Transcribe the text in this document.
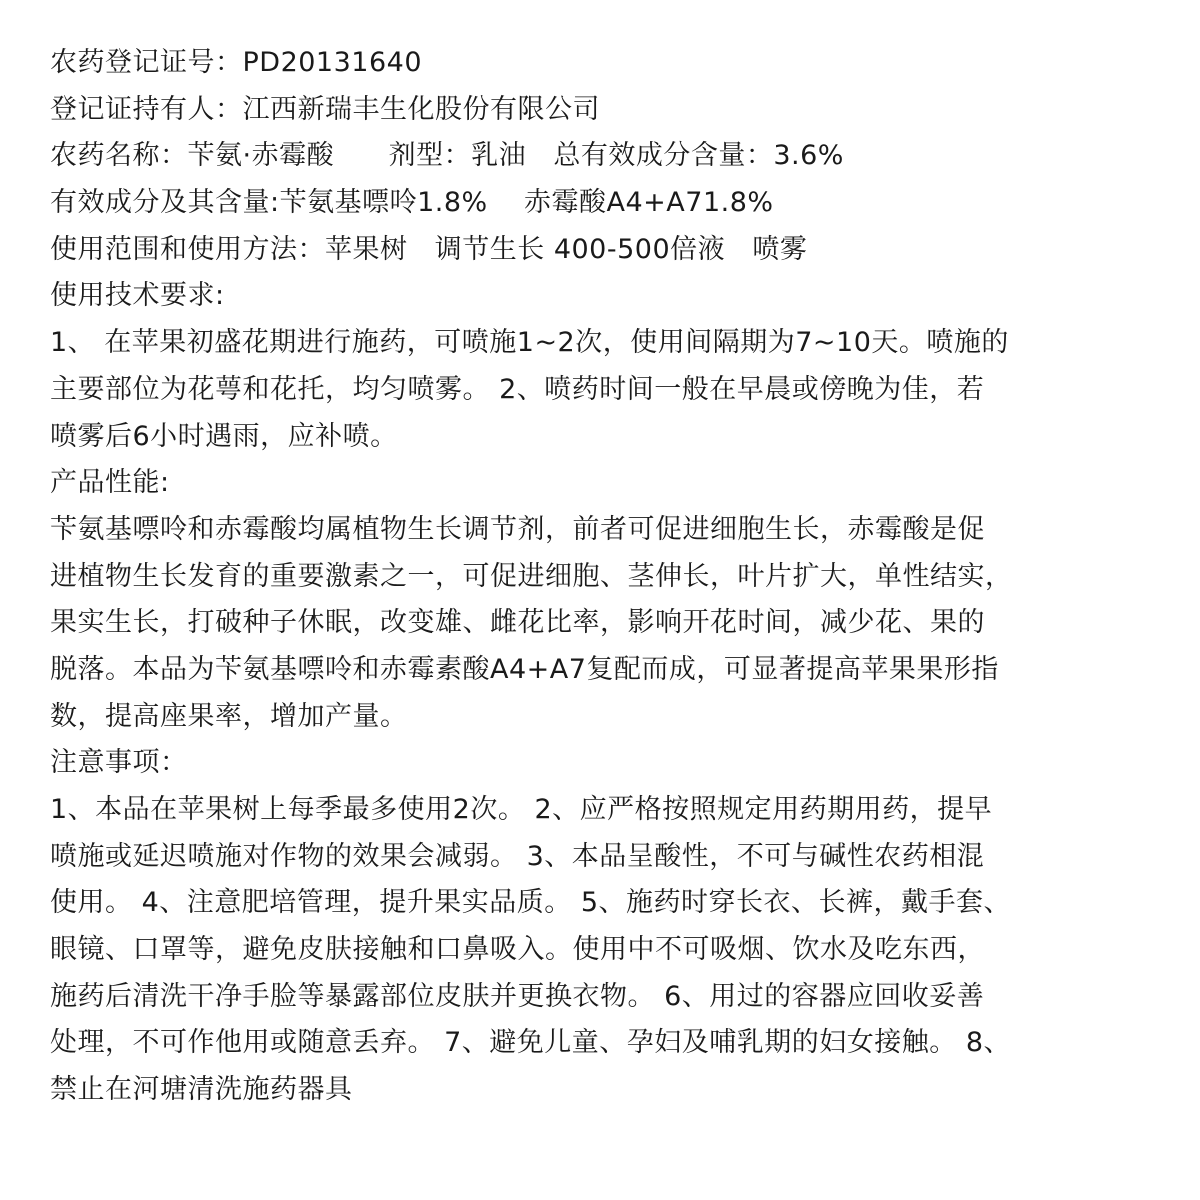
农药登记证号：PD20131640
登记证持有人：江西新瑞丰生化股份有限公司
农药名称：苄氨·赤霉酸      剂型：乳油   总有效成分含量：3.6%
有效成分及其含量:苄氨基嘌呤1.8%    赤霉酸A4+A71.8%
使用范围和使用方法：苹果树   调节生长 400-500倍液   喷雾
使用技术要求:
1、 在苹果初盛花期进行施药，可喷施1~2次，使用间隔期为7~10天。喷施的
主要部位为花萼和花托，均匀喷雾。 2、喷药时间一般在早晨或傍晚为佳，若
喷雾后6小时遇雨，应补喷。
产品性能:
苄氨基嘌呤和赤霉酸均属植物生长调节剂，前者可促进细胞生长，赤霉酸是促
进植物生长发育的重要激素之一，可促进细胞、茎伸长，叶片扩大，单性结实，
果实生长，打破种子休眠，改变雄、雌花比率，影响开花时间，减少花、果的
脱落。本品为苄氨基嘌呤和赤霉素酸A4+A7复配而成，可显著提高苹果果形指
数，提高座果率，增加产量。
注意事项：
1、本品在苹果树上每季最多使用2次。 2、应严格按照规定用药期用药，提早
喷施或延迟喷施对作物的效果会减弱。 3、本品呈酸性，不可与碱性农药相混
使用。 4、注意肥培管理，提升果实品质。 5、施药时穿长衣、长裤，戴手套、
眼镜、口罩等，避免皮肤接触和口鼻吸入。使用中不可吸烟、饮水及吃东西，
施药后清洗干净手脸等暴露部位皮肤并更换衣物。 6、用过的容器应回收妥善
处理，不可作他用或随意丢弃。 7、避免儿童、孕妇及哺乳期的妇女接触。 8、
禁止在河塘清洗施药器具
